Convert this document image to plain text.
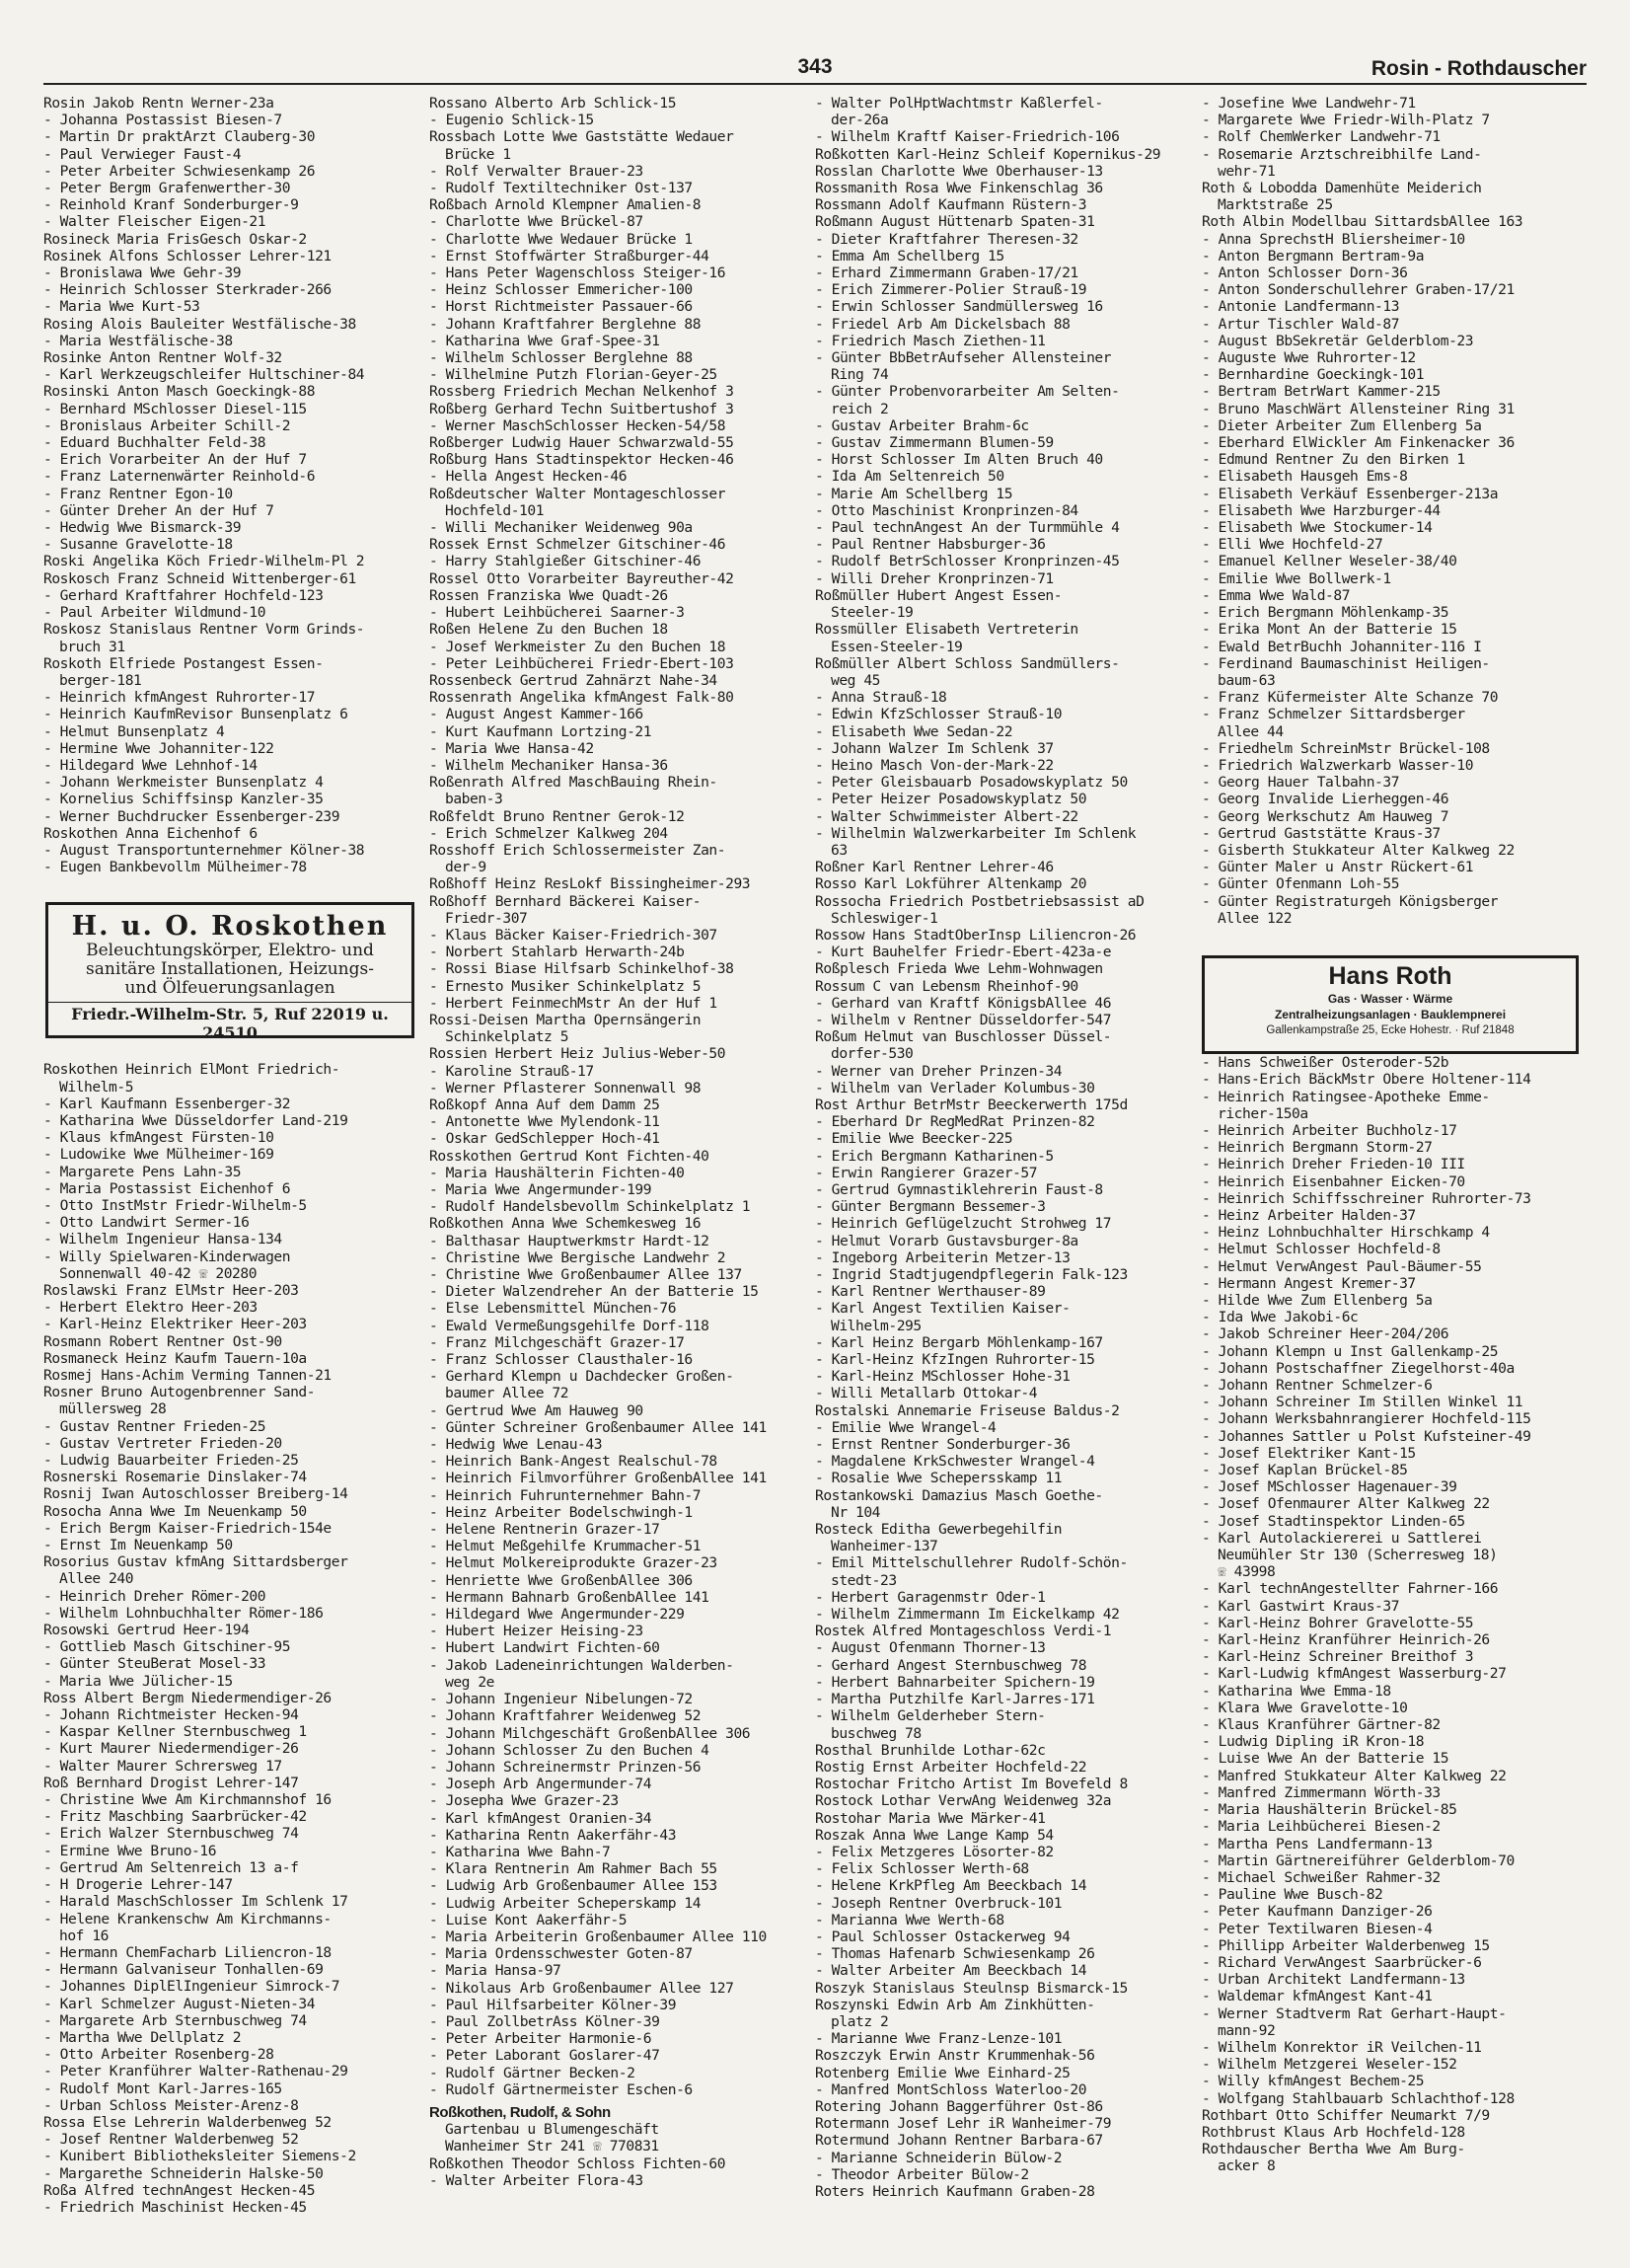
343	Rosin - Rothdauscher
Rosin Jakob Rentn Werner-23a
- Johanna Postassist Biesen-7
- Martin Dr praktArzt Clauberg-30
- Paul Verwieger Faust-4
- Peter Arbeiter Schwiesenkamp 26
- Peter Bergm Grafenwerther-30
- Reinhold Kranf Sonderburger-9
- Walter Fleischer Eigen-21
Rosineck Maria FrisGesch Oskar-2
Rosinek Alfons Schlosser Lehrer-121
- Bronislawa Wwe Gehr-39
- Heinrich Schlosser Sterkrader-266
- Maria Wwe Kurt-53
Rosing Alois Bauleiter Westfälische-38
- Maria Westfälische-38
Rosinke Anton Rentner Wolf-32
- Karl Werkzeugschleifer Hultschiner-84
Rosinski Anton Masch Goeckingk-88
- Bernhard MSchlosser Diesel-115
- Bronislaus Arbeiter Schill-2
- Eduard Buchhalter Feld-38
- Erich Vorarbeiter An der Huf 7
- Franz Laternenwärter Reinhold-6
- Franz Rentner Egon-10
- Günter Dreher An der Huf 7
- Hedwig Wwe Bismarck-39
- Susanne Gravelotte-18
Roski Angelika Köch Friedr-Wilhelm-Pl 2
Roskosch Franz Schneid Wittenberger-61
- Gerhard Kraftfahrer Hochfeld-123
- Paul Arbeiter Wildmund-10
Roskosz Stanislaus Rentner Vorm Grinds-
bruch 31
Roskoth Elfriede Postangest Essen-
berger-181
- Heinrich kfmAngest Ruhrorter-17
- Heinrich KaufmRevisor Bunsenplatz 6
- Helmut Bunsenplatz 4
- Hermine Wwe Johanniter-122
- Hildegard Wwe Lehnhof-14
- Johann Werkmeister Bunsenplatz 4
- Kornelius Schiffsinsp Kanzler-35
- Werner Buchdrucker Essenberger-239
Roskothen Anna Eichenhof 6
- August Transportunternehmer Kölner-38
- Eugen Bankbevollm Mülheimer-78
Roskothen Heinrich ElMont Friedrich-
Wilhelm-5
- Karl Kaufmann Essenberger-32
- Katharina Wwe Düsseldorfer Land-219
- Klaus kfmAngest Fürsten-10
- Ludowike Wwe Mülheimer-169
- Margarete Pens Lahn-35
- Maria Postassist Eichenhof 6
- Otto InstMstr Friedr-Wilhelm-5
- Otto Landwirt Sermer-16
- Wilhelm Ingenieur Hansa-134
- Willy Spielwaren-Kinderwagen
Sonnenwall 40-42 ☏ 20280
Roslawski Franz ElMstr Heer-203
- Herbert Elektro Heer-203
- Karl-Heinz Elektriker Heer-203
Rosmann Robert Rentner Ost-90
Rosmaneck Heinz Kaufm Tauern-10a
Rosmej Hans-Achim Verming Tannen-21
Rosner Bruno Autogenbrenner Sand-
müllersweg 28
- Gustav Rentner Frieden-25
- Gustav Vertreter Frieden-20
- Ludwig Bauarbeiter Frieden-25
Rosnerski Rosemarie Dinslaker-74
Rosnij Iwan Autoschlosser Breiberg-14
Rosocha Anna Wwe Im Neuenkamp 50
- Erich Bergm Kaiser-Friedrich-154e
- Ernst Im Neuenkamp 50
Rosorius Gustav kfmAng Sittardsberger
Allee 240
- Heinrich Dreher Römer-200
- Wilhelm Lohnbuchhalter Römer-186
Rosowski Gertrud Heer-194
- Gottlieb Masch Gitschiner-95
- Günter SteuBerat Mosel-33
- Maria Wwe Jülicher-15
Ross Albert Bergm Niedermendiger-26
- Johann Richtmeister Hecken-94
- Kaspar Kellner Sternbuschweg 1
- Kurt Maurer Niedermendiger-26
- Walter Maurer Schrersweg 17
Roß Bernhard Drogist Lehrer-147
- Christine Wwe Am Kirchmannshof 16
- Fritz Maschbing Saarbrücker-42
- Erich Walzer Sternbuschweg 74
- Ermine Wwe Bruno-16
- Gertrud Am Seltenreich 13 a-f
- H Drogerie Lehrer-147
- Harald MaschSchlosser Im Schlenk 17
- Helene Krankenschw Am Kirchmanns-
hof 16
- Hermann ChemFacharb Liliencron-18
- Hermann Galvaniseur Tonhallen-69
- Johannes DiplElIngenieur Simrock-7
- Karl Schmelzer August-Nieten-34
- Margarete Arb Sternbuschweg 74
- Martha Wwe Dellplatz 2
- Otto Arbeiter Rosenberg-28
- Peter Kranführer Walter-Rathenau-29
- Rudolf Mont Karl-Jarres-165
- Urban Schloss Meister-Arenz-8
Rossa Else Lehrerin Walderbenweg 52
- Josef Rentner Walderbenweg 52
- Kunibert Bibliotheksleiter Siemens-2
- Margarethe Schneiderin Halske-50
Roßa Alfred technAngest Hecken-45
- Friedrich Maschinist Hecken-45
H. u. O. Roskothen
Beleuchtungskörper, Elektro- und
sanitäre Installationen, Heizungs-
und Ölfeuerungsanlagen
Friedr.-Wilhelm-Str. 5, Ruf 22019 u. 24510
Rossano Alberto Arb Schlick-15
- Eugenio Schlick-15
Rossbach Lotte Wwe Gaststätte Wedauer
Brücke 1
- Rolf Verwalter Brauer-23
- Rudolf Textiltechniker Ost-137
Roßbach Arnold Klempner Amalien-8
- Charlotte Wwe Brückel-87
- Charlotte Wwe Wedauer Brücke 1
- Ernst Stoffwärter Straßburger-44
- Hans Peter Wagenschloss Steiger-16
- Heinz Schlosser Emmericher-100
- Horst Richtmeister Passauer-66
- Johann Kraftfahrer Berglehne 88
- Katharina Wwe Graf-Spee-31
- Wilhelm Schlosser Berglehne 88
- Wilhelmine Putzh Florian-Geyer-25
Rossberg Friedrich Mechan Nelkenhof 3
Roßberg Gerhard Techn Suitbertushof 3
- Werner MaschSchlosser Hecken-54/58
Roßberger Ludwig Hauer Schwarzwald-55
Roßburg Hans Stadtinspektor Hecken-46
- Hella Angest Hecken-46
Roßdeutscher Walter Montageschlosser
Hochfeld-101
- Willi Mechaniker Weidenweg 90a
Rossek Ernst Schmelzer Gitschiner-46
- Harry Stahlgießer Gitschiner-46
Rossel Otto Vorarbeiter Bayreuther-42
Rossen Franziska Wwe Quadt-26
- Hubert Leihbücherei Saarner-3
Roßen Helene Zu den Buchen 18
- Josef Werkmeister Zu den Buchen 18
- Peter Leihbücherei Friedr-Ebert-103
Rossenbeck Gertrud Zahnärzt Nahe-34
Rossenrath Angelika kfmAngest Falk-80
- August Angest Kammer-166
- Kurt Kaufmann Lortzing-21
- Maria Wwe Hansa-42
- Wilhelm Mechaniker Hansa-36
Roßenrath Alfred MaschBauing Rhein-
baben-3
Roßfeldt Bruno Rentner Gerok-12
- Erich Schmelzer Kalkweg 204
Rosshoff Erich Schlossermeister Zan-
der-9
Roßhoff Heinz ResLokf Bissingheimer-293
Roßhoff Bernhard Bäckerei Kaiser-
Friedr-307
- Klaus Bäcker Kaiser-Friedrich-307
- Norbert Stahlarb Herwarth-24b
- Rossi Biase Hilfsarb Schinkelhof-38
- Ernesto Musiker Schinkelplatz 5
- Herbert FeinmechMstr An der Huf 1
Rossi-Deisen Martha Opernsängerin
Schinkelplatz 5
Rossien Herbert Heiz Julius-Weber-50
- Karoline Strauß-17
- Werner Pflasterer Sonnenwall 98
Roßkopf Anna Auf dem Damm 25
- Antonette Wwe Mylendonk-11
- Oskar GedSchlepper Hoch-41
Rosskothen Gertrud Kont Fichten-40
- Maria Haushälterin Fichten-40
- Maria Wwe Angermunder-199
- Rudolf Handelsbevollm Schinkelplatz 1
Roßkothen Anna Wwe Schemkesweg 16
- Balthasar Hauptwerkmstr Hardt-12
- Christine Wwe Bergische Landwehr 2
- Christine Wwe Großenbaumer Allee 137
- Dieter Walzendreher An der Batterie 15
- Else Lebensmittel München-76
- Ewald Vermeßungsgehilfe Dorf-118
- Franz Milchgeschäft Grazer-17
- Franz Schlosser Clausthaler-16
- Gerhard Klempn u Dachdecker Großen-
baumer Allee 72
- Gertrud Wwe Am Hauweg 90
- Günter Schreiner Großenbaumer Allee 141
- Hedwig Wwe Lenau-43
- Heinrich Bank-Angest Realschul-78
- Heinrich Filmvorführer GroßenbAllee 141
- Heinrich Fuhrunternehmer Bahn-7
- Heinz Arbeiter Bodelschwingh-1
- Helene Rentnerin Grazer-17
- Helmut Meßgehilfe Krummacher-51
- Helmut Molkereiprodukte Grazer-23
- Henriette Wwe GroßenbAllee 306
- Hermann Bahnarb GroßenbAllee 141
- Hildegard Wwe Angermunder-229
- Hubert Heizer Heising-23
- Hubert Landwirt Fichten-60
- Jakob Ladeneinrichtungen Walderben-
weg 2e
- Johann Ingenieur Nibelungen-72
- Johann Kraftfahrer Weidenweg 52
- Johann Milchgeschäft GroßenbAllee 306
- Johann Schlosser Zu den Buchen 4
- Johann Schreinermstr Prinzen-56
- Joseph Arb Angermunder-74
- Josepha Wwe Grazer-23
- Karl kfmAngest Oranien-34
- Katharina Rentn Aakerfähr-43
- Katharina Wwe Bahn-7
- Klara Rentnerin Am Rahmer Bach 55
- Ludwig Arb Großenbaumer Allee 153
- Ludwig Arbeiter Scheperskamp 14
- Luise Kont Aakerfähr-5
- Maria Arbeiterin Großenbaumer Allee 110
- Maria Ordensschwester Goten-87
- Maria Hansa-97
- Nikolaus Arb Großenbaumer Allee 127
- Paul Hilfsarbeiter Kölner-39
- Paul ZollbetrAss Kölner-39
- Peter Arbeiter Harmonie-6
- Peter Laborant Goslarer-47
- Rudolf Gärtner Becken-2
- Rudolf Gärtnermeister Eschen-6
Roßkothen, Rudolf, & Sohn
Gartenbau u Blumengeschäft
Wanheimer Str 241 ☏ 770831
Roßkothen Theodor Schloss Fichten-60
- Walter Arbeiter Flora-43
- Walter PolHptWachtmstr Kaßlerfel-
der-26a
- Wilhelm Kraftf Kaiser-Friedrich-106
Roßkotten Karl-Heinz Schleif Kopernikus-29
Rosslan Charlotte Wwe Oberhauser-13
Rossmanith Rosa Wwe Finkenschlag 36
Rossmann Adolf Kaufmann Rüstern-3
Roßmann August Hüttenarb Spaten-31
- Dieter Kraftfahrer Theresen-32
- Emma Am Schellberg 15
- Erhard Zimmermann Graben-17/21
- Erich Zimmerer-Polier Strauß-19
- Erwin Schlosser Sandmüllersweg 16
- Friedel Arb Am Dickelsbach 88
- Friedrich Masch Ziethen-11
- Günter BbBetrAufseher Allensteiner
Ring 74
- Günter Probenvorarbeiter Am Selten-
reich 2
- Gustav Arbeiter Brahm-6c
- Gustav Zimmermann Blumen-59
- Horst Schlosser Im Alten Bruch 40
- Ida Am Seltenreich 50
- Marie Am Schellberg 15
- Otto Maschinist Kronprinzen-84
- Paul technAngest An der Turmmühle 4
- Paul Rentner Habsburger-36
- Rudolf BetrSchlosser Kronprinzen-45
- Willi Dreher Kronprinzen-71
Roßmüller Hubert Angest Essen-
Steeler-19
Rossmüller Elisabeth Vertreterin
Essen-Steeler-19
Roßmüller Albert Schloss Sandmüllers-
weg 45
- Anna Strauß-18
- Edwin KfzSchlosser Strauß-10
- Elisabeth Wwe Sedan-22
- Johann Walzer Im Schlenk 37
- Heino Masch Von-der-Mark-22
- Peter Gleisbauarb Posadowskyplatz 50
- Peter Heizer Posadowskyplatz 50
- Walter Schwimmeister Albert-22
- Wilhelmin Walzwerkarbeiter Im Schlenk
63
Roßner Karl Rentner Lehrer-46
Rosso Karl Lokführer Altenkamp 20
Rossocha Friedrich Postbetriebsassist aD
Schleswiger-1
Rossow Hans StadtOberInsp Liliencron-26
- Kurt Bauhelfer Friedr-Ebert-423a-e
Roßplesch Frieda Wwe Lehm-Wohnwagen
Rossum C van Lebensm Rheinhof-90
- Gerhard van Kraftf KönigsbAllee 46
- Wilhelm v Rentner Düsseldorfer-547
Roßum Helmut van Buschlosser Düssel-
dorfer-530
- Werner van Dreher Prinzen-34
- Wilhelm van Verlader Kolumbus-30
Rost Arthur BetrMstr Beeckerwerth 175d
- Eberhard Dr RegMedRat Prinzen-82
- Emilie Wwe Beecker-225
- Erich Bergmann Katharinen-5
- Erwin Rangierer Grazer-57
- Gertrud Gymnastiklehrerin Faust-8
- Günter Bergmann Bessemer-3
- Heinrich Geflügelzucht Strohweg 17
- Helmut Vorarb Gustavsburger-8a
- Ingeborg Arbeiterin Metzer-13
- Ingrid Stadtjugendpflegerin Falk-123
- Karl Rentner Werthauser-89
- Karl Angest Textilien Kaiser-
Wilhelm-295
- Karl Heinz Bergarb Möhlenkamp-167
- Karl-Heinz KfzIngen Ruhrorter-15
- Karl-Heinz MSchlosser Hohe-31
- Willi Metallarb Ottokar-4
Rostalski Annemarie Friseuse Baldus-2
- Emilie Wwe Wrangel-4
- Ernst Rentner Sonderburger-36
- Magdalene KrkSchwester Wrangel-4
- Rosalie Wwe Schepersskamp 11
Rostankowski Damazius Masch Goethe-
Nr 104
Rosteck Editha Gewerbegehilfin
Wanheimer-137
- Emil Mittelschullehrer Rudolf-Schön-
stedt-23
- Herbert Garagenmstr Oder-1
- Wilhelm Zimmermann Im Eickelkamp 42
Rostek Alfred Montageschloss Verdi-1
- August Ofenmann Thorner-13
- Gerhard Angest Sternbuschweg 78
- Herbert Bahnarbeiter Spichern-19
- Martha Putzhilfe Karl-Jarres-171
- Wilhelm Gelderheber Stern-
buschweg 78
Rosthal Brunhilde Lothar-62c
Rostig Ernst Arbeiter Hochfeld-22
Rostochar Fritcho Artist Im Bovefeld 8
Rostock Lothar VerwAng Weidenweg 32a
Rostohar Maria Wwe Märker-41
Roszak Anna Wwe Lange Kamp 54
- Felix Metzgeres Lösorter-82
- Felix Schlosser Werth-68
- Helene KrkPfleg Am Beeckbach 14
- Joseph Rentner Overbruck-101
- Marianna Wwe Werth-68
- Paul Schlosser Ostackerweg 94
- Thomas Hafenarb Schwiesenkamp 26
- Walter Arbeiter Am Beeckbach 14
Roszyk Stanislaus Steulnsp Bismarck-15
Roszynski Edwin Arb Am Zinkhütten-
platz 2
- Marianne Wwe Franz-Lenze-101
Roszczyk Erwin Anstr Krummenhak-56
Rotenberg Emilie Wwe Einhard-25
- Manfred MontSchloss Waterloo-20
Rotering Johann Baggerführer Ost-86
Rotermann Josef Lehr iR Wanheimer-79
Rotermund Johann Rentner Barbara-67
- Marianne Schneiderin Bülow-2
- Theodor Arbeiter Bülow-2
Roters Heinrich Kaufmann Graben-28
- Josefine Wwe Landwehr-71
- Margarete Wwe Friedr-Wilh-Platz 7
- Rolf ChemWerker Landwehr-71
- Rosemarie Arztschreibhilfe Land-
wehr-71
Roth & Lobodda Damenhüte Meiderich
Marktstraße 25
Roth Albin Modellbau SittardsbAllee 163
- Anna SprechstH Bliersheimer-10
- Anton Bergmann Bertram-9a
- Anton Schlosser Dorn-36
- Anton Sonderschullehrer Graben-17/21
- Antonie Landfermann-13
- Artur Tischler Wald-87
- August BbSekretär Gelderblom-23
- Auguste Wwe Ruhrorter-12
- Bernhardine Goeckingk-101
- Bertram BetrWart Kammer-215
- Bruno MaschWärt Allensteiner Ring 31
- Dieter Arbeiter Zum Ellenberg 5a
- Eberhard ElWickler Am Finkenacker 36
- Edmund Rentner Zu den Birken 1
- Elisabeth Hausgeh Ems-8
- Elisabeth Verkäuf Essenberger-213a
- Elisabeth Wwe Harzburger-44
- Elisabeth Wwe Stockumer-14
- Elli Wwe Hochfeld-27
- Emanuel Kellner Weseler-38/40
- Emilie Wwe Bollwerk-1
- Emma Wwe Wald-87
- Erich Bergmann Möhlenkamp-35
- Erika Mont An der Batterie 15
- Ewald BetrBuchh Johanniter-116 I
- Ferdinand Baumaschinist Heiligen-
baum-63
- Franz Küfermeister Alte Schanze 70
- Franz Schmelzer Sittardsberger
Allee 44
- Friedhelm SchreinMstr Brückel-108
- Friedrich Walzwerkarb Wasser-10
- Georg Hauer Talbahn-37
- Georg Invalide Lierheggen-46
- Georg Werkschutz Am Hauweg 7
- Gertrud Gaststätte Kraus-37
- Gisberth Stukkateur Alter Kalkweg 22
- Günter Maler u Anstr Rückert-61
- Günter Ofenmann Loh-55
- Günter Registraturgeh Königsberger
Allee 122
- Hans Schweißer Osteroder-52b
- Hans-Erich BäckMstr Obere Holtener-114
- Heinrich Ratingsee-Apotheke Emme-
richer-150a
- Heinrich Arbeiter Buchholz-17
- Heinrich Bergmann Storm-27
- Heinrich Dreher Frieden-10 III
- Heinrich Eisenbahner Eicken-70
- Heinrich Schiffsschreiner Ruhrorter-73
- Heinz Arbeiter Halden-37
- Heinz Lohnbuchhalter Hirschkamp 4
- Helmut Schlosser Hochfeld-8
- Helmut VerwAngest Paul-Bäumer-55
- Hermann Angest Kremer-37
- Hilde Wwe Zum Ellenberg 5a
- Ida Wwe Jakobi-6c
- Jakob Schreiner Heer-204/206
- Johann Klempn u Inst Gallenkamp-25
- Johann Postschaffner Ziegelhorst-40a
- Johann Rentner Schmelzer-6
- Johann Schreiner Im Stillen Winkel 11
- Johann Werksbahnrangierer Hochfeld-115
- Johannes Sattler u Polst Kufsteiner-49
- Josef Elektriker Kant-15
- Josef Kaplan Brückel-85
- Josef MSchlosser Hagenauer-39
- Josef Ofenmaurer Alter Kalkweg 22
- Josef Stadtinspektor Linden-65
- Karl Autolackiererei u Sattlerei
Neumühler Str 130 (Scherresweg 18)
☏ 43998
- Karl technAngestellter Fahrner-166
- Karl Gastwirt Kraus-37
- Karl-Heinz Bohrer Gravelotte-55
- Karl-Heinz Kranführer Heinrich-26
- Karl-Heinz Schreiner Breithof 3
- Karl-Ludwig kfmAngest Wasserburg-27
- Katharina Wwe Emma-18
- Klara Wwe Gravelotte-10
- Klaus Kranführer Gärtner-82
- Ludwig Dipling iR Kron-18
- Luise Wwe An der Batterie 15
- Manfred Stukkateur Alter Kalkweg 22
- Manfred Zimmermann Wörth-33
- Maria Haushälterin Brückel-85
- Maria Leihbücherei Biesen-2
- Martha Pens Landfermann-13
- Martin Gärtnereiführer Gelderblom-70
- Michael Schweißer Rahmer-32
- Pauline Wwe Busch-82
- Peter Kaufmann Danziger-26
- Peter Textilwaren Biesen-4
- Phillipp Arbeiter Walderbenweg 15
- Richard VerwAngest Saarbrücker-6
- Urban Architekt Landfermann-13
- Waldemar kfmAngest Kant-41
- Werner Stadtverm Rat Gerhart-Haupt-
mann-92
- Wilhelm Konrektor iR Veilchen-11
- Wilhelm Metzgerei Weseler-152
- Willy kfmAngest Bechem-25
- Wolfgang Stahlbauarb Schlachthof-128
Rothbart Otto Schiffer Neumarkt 7/9
Rothbrust Klaus Arb Hochfeld-128
Rothdauscher Bertha Wwe Am Burg-
acker 8
Hans Roth
Gas · Wasser · Wärme
Zentralheizungsanlagen · Bauklempnerei
Gallenkampstraße 25, Ecke Hohestr. · Ruf 21848
